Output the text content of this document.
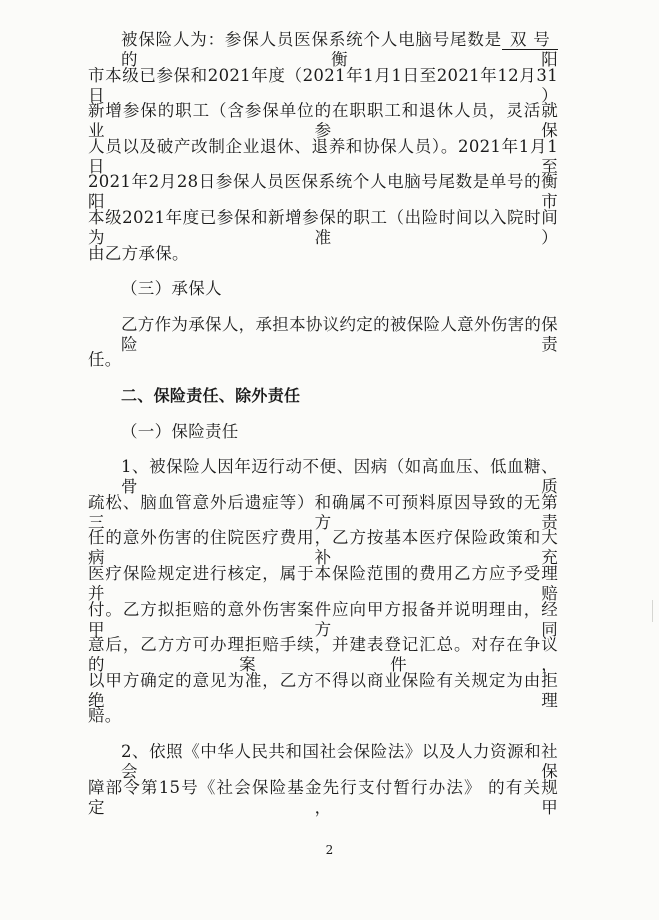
被保险人为：参保人员医保系统个人电脑号尾数是 双号的衡阳
市本级已参保和2021年度（2021年1月1日至2021年12月31日）
新增参保的职工（含参保单位的在职职工和退休人员，灵活就业参保
人员以及破产改制企业退休、退养和协保人员）。2021年1月1日至
2021年2月28日参保人员医保系统个人电脑号尾数是单号的衡阳市
本级2021年度已参保和新增参保的职工（出险时间以入院时间为准）
由乙方承保。
（三）承保人
乙方作为承保人，承担本协议约定的被保险人意外伤害的保险责
任。
二、保险责任、除外责任
（一）保险责任
1、被保险人因年迈行动不便、因病（如高血压、低血糖、骨质
疏松、脑血管意外后遗症等）和确属不可预料原因导致的无第三方责
任的意外伤害的住院医疗费用，乙方按基本医疗保险政策和大病补充
医疗保险规定进行核定，属于本保险范围的费用乙方应予受理并赔
付。乙方拟拒赔的意外伤害案件应向甲方报备并说明理由，经甲方同
意后，乙方方可办理拒赔手续，并建表登记汇总。对存在争议的案件，
以甲方确定的意见为准，乙方不得以商业保险有关规定为由拒绝理
赔。
2、依照《中华人民共和国社会保险法》以及人力资源和社会保
障部令第15号《社会保险基金先行支付暂行办法》 的有关规定，甲
2
